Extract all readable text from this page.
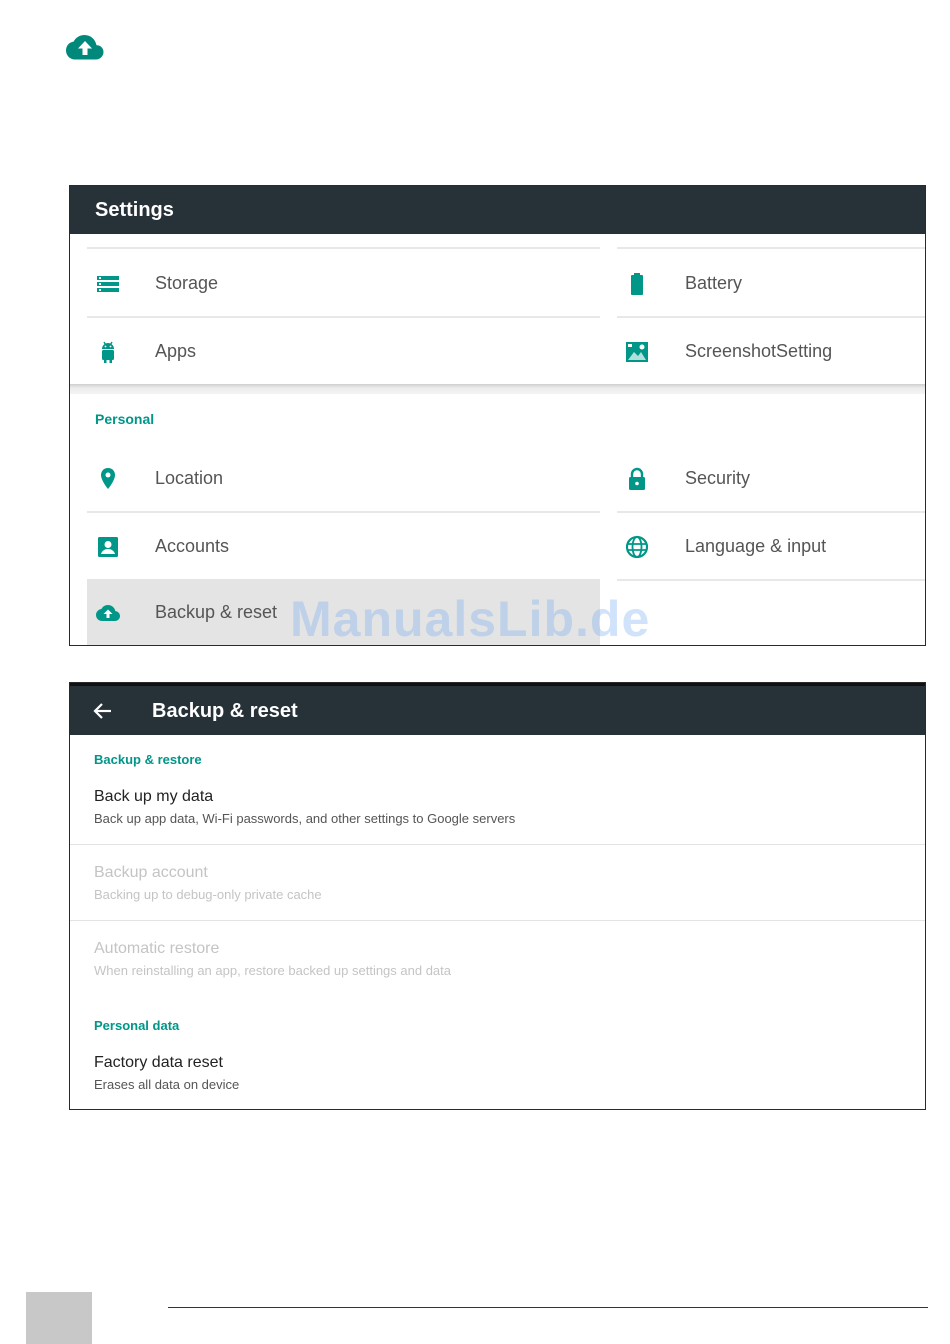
Settings
Storage	Battery
Apps	ScreenshotSetting
Personal
Location	Security
Accounts	Language & input
Backup & reset ManualsLib.de
Backup & reset
Backup & restore
Back up my data
Back up app data, Wi-Fi passwords, and other settings to Google servers
Backup account
Backing up to debug-only private cache
Automatic restore
When reinstalling an app, restore backed up settings and data
Personal data
Factory data reset
Erases all data on device
